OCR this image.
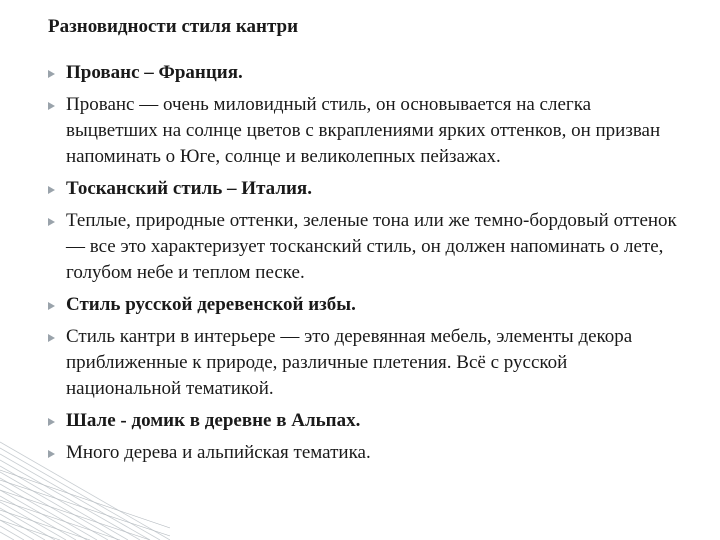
Разновидности стиля кантри
Прованс – Франция.
Прованс — очень миловидный стиль, он основывается на слегка выцветших на солнце цветов с вкраплениями ярких оттенков, он призван напоминать о Юге, солнце и великолепных пейзажах.
Тосканский стиль – Италия.
Теплые, природные оттенки, зеленые тона или же темно-бордовый оттенок — все это характеризует тосканский стиль, он должен напоминать о лете, голубом небе и теплом песке.
Стиль русской деревенской избы.
Стиль кантри в интерьере — это деревянная мебель, элементы декора приближенные к природе, различные плетения. Всё с русской национальной тематикой.
Шале - домик в деревне в Альпах.
Много дерева и альпийская тематика.
